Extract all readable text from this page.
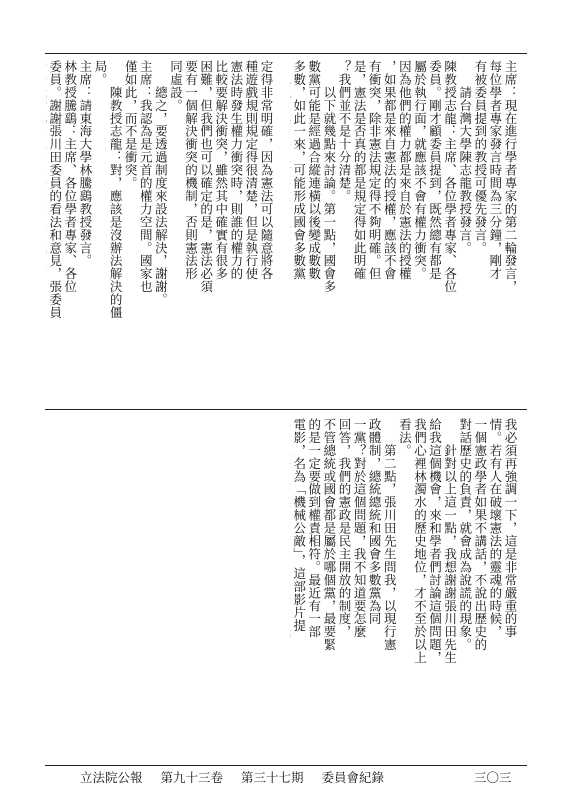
主席：現在進行學者專家的第二輪發言，
每位學者專家發言時間為三分鐘，剛才
有被委員提到的教授可優先發言。
　　請台灣大學陳志龍教授發言。
陳教授志龍：主席、各位學者專家、各位
委員。剛才顧委員提到，既然總有都是
屬於執行面，就應該不會有權力衝突。
因為他們的權力都是來自於憲法的授權
，如果都是來自憲法的授權，應該不會
有衝突，除非憲法規定得不夠明確。但
是，憲法是否真的都是規定得如此明確
？我們並不是十分清楚。
　　以下就幾點來討論。第一點，國會多
數黨可能是經過合縱連橫以後變成數數
多數，如此一來，可能形成國會多數黨
定得非常明確，因為憲法可以隨意將各
種遊戲規則規定得很清楚，但是執行使
憲法時發生權力衝突時，則誰的權力的
比較要解決衝突，雖然其中確實有很多
困難，但我們也可以確定的是，憲法必須
要有一個解決衝突的機制，否則憲法形
同虛設。
　　總之，要透過制度來設法解決，謝謝。
主席：我認為是元首的權力空間。國家也
僅如此，而不是衝突。
　　陳教授志龍：對，應該是沒辦法解決的僵
局。
主席：請東海大學林騰鷂教授發言。
林教授騰鷂：主席、各位學者專家、各位
委員。謝謝張川田委員的看法和意見，張委員
我必須再強調一下，這是非常嚴重的事
情。若有人在破壞憲法的靈魂的時候，
一個憲政學者如果不講話，不說出歷史的
對話歷史的負責，就會成為說謊的現象。
　　針對以上這一點，我想謝謝張川田先生
給我這個機會，來和學者們討論這個問題，
我們心裡林濁水的歷史地位，才不至於以上
看法。
　　第二點，張川田先生問我，以現行憲
政體制，總統總統和國會多數黨為同
一黨？對於這個問題，我不知道要怎麼
回答，我們的憲政是民主開放的制度，
不管總統或國會都是屬於哪個黨，最要緊
的是一定要做到權責相符。最近有一部
電影，名為「機械公敵」，這部影片提
立法院公報 第九十三卷 第三十七期 委員會紀錄	三〇三
